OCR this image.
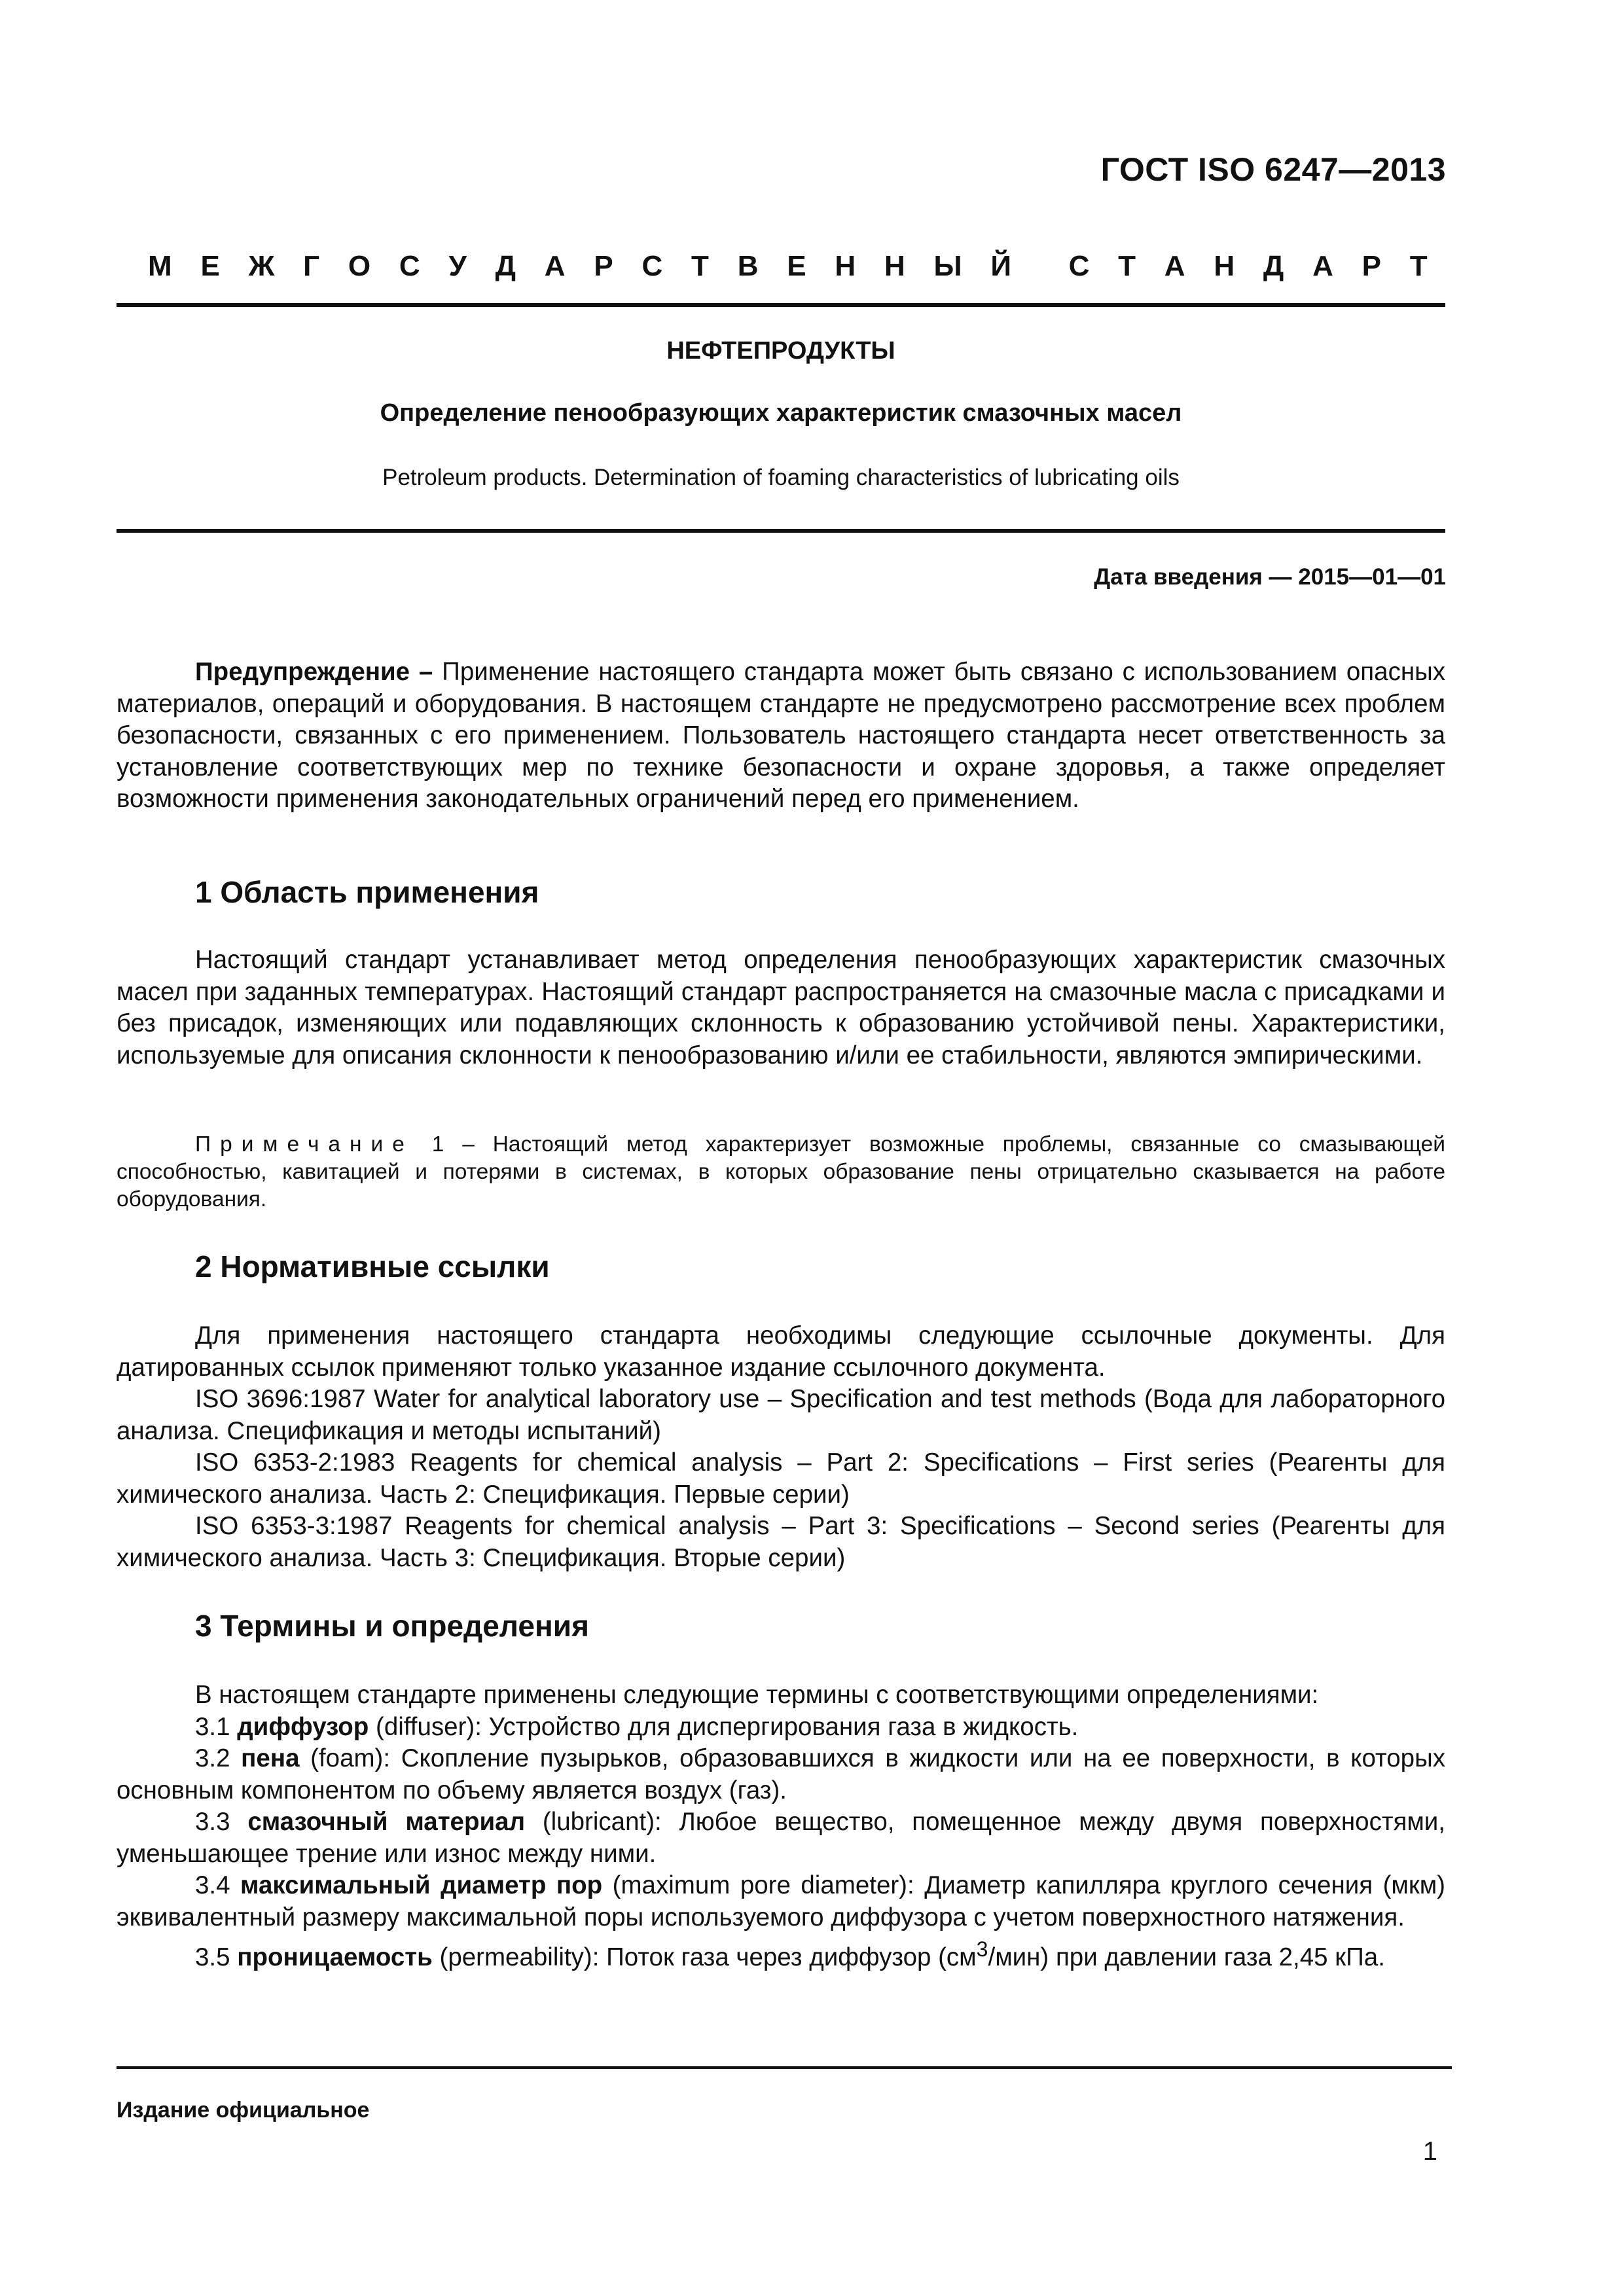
ГОСТ ISO 6247—2013
М Е Ж Г О С У Д А Р С Т В Е Н Н Ы Й С Т А Н Д А Р Т
НЕФТЕПРОДУКТЫ
Определение пенообразующих характеристик смазочных масел
Petroleum products. Determination of foaming characteristics of lubricating oils
Дата введения — 2015—01—01

Предупреждение – Применение настоящего стандарта может быть связано с использованием опасных материалов, операций и оборудования. В настоящем стандарте не предусмотрено рассмотрение всех проблем безопасности, связанных с его применением. Пользователь настоящего стандарта несет ответственность за установление соответствующих мер по технике безопасности и охране здоровья, а также определяет возможности применения законодательных ограничений перед его применением.

1 Область применения

Настоящий стандарт устанавливает метод определения пенообразующих характеристик смазочных масел при заданных температурах. Настоящий стандарт распространяется на смазочные масла с присадками и без присадок, изменяющих или подавляющих склонность к образованию устойчивой пены. Характеристики, используемые для описания склонности к пенообразованию и/или ее стабильности, являются эмпирическими.

Примечание 1 – Настоящий метод характеризует возможные проблемы, связанные со смазывающей способностью, кавитацией и потерями в системах, в которых образование пены отрицательно сказывается на работе оборудования.

2 Нормативные ссылки

Для применения настоящего стандарта необходимы следующие ссылочные документы. Для датированных ссылок применяют только указанное издание ссылочного документа.

ISO 3696:1987 Water for analytical laboratory use – Specification and test methods (Вода для лабораторного анализа. Спецификация и методы испытаний)

ISO 6353-2:1983 Reagents for chemical analysis – Part 2: Specifications – First series (Реагенты для химического анализа. Часть 2: Спецификация. Первые серии)

ISO 6353-3:1987 Reagents for chemical analysis – Part 3: Specifications – Second series (Реагенты для химического анализа. Часть 3: Спецификация. Вторые серии)

3 Термины и определения

В настоящем стандарте применены следующие термины с соответствующими определениями:

3.1 диффузор (diffuser): Устройство для диспергирования газа в жидкость.

3.2 пена (foam): Скопление пузырьков, образовавшихся в жидкости или на ее поверхности, в которых основным компонентом по объему является воздух (газ).

3.3 смазочный материал (lubricant): Любое вещество, помещенное между двумя поверхностями, уменьшающее трение или износ между ними.

3.4 максимальный диаметр пор (maximum pore diameter): Диаметр капилляра круглого сечения (мкм) эквивалентный размеру максимальной поры используемого диффузора с учетом поверхностного натяжения.

3.5 проницаемость (permeability): Поток газа через диффузор $(см^3/мин)$ при давлении газа 2,45 кПа.

Издание официальное
1
